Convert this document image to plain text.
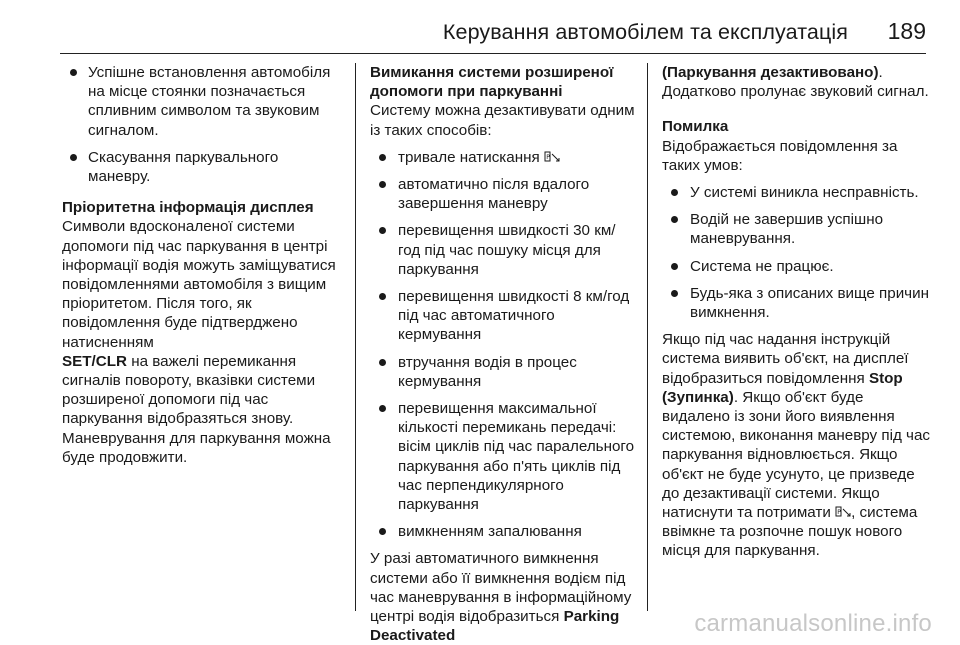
Керування автомобілем та експлуатація 189
Успішне встановлення автомобіля на місце стоянки позначається спливним символом та звуковим сигналом.
Скасування паркувального маневру.
Пріоритетна інформація дисплея

Символи вдосконаленої системи допомоги під час паркування в центрі інформації водія можуть заміщуватися повідомленнями автомобіля з вищим пріоритетом. Після того, як повідомлення буде підтверджено натисненням
SET/CLR на важелі перемикання сигналів повороту, вказівки системи розширеної допомоги під час паркування відобразяться знову. Маневрування для паркування можна буде продовжити.

Вимикання системи розширеної допомоги при паркуванні

Систему можна дезактивувати одним із таких способів:

тривале натискання P
автоматично після вдалого завершення маневру
перевищення швидкості 30 км/год під час пошуку місця для паркування
перевищення швидкості 8 км/год під час автоматичного кермування
втручання водія в процес кермування
перевищення максимальної кількості перемикань передачі: вісім циклів під час паралельного паркування або п'ять циклів під час перпендикулярного паркування
вимкненням запалювання

У разі автоматичного вимкнення системи або її вимкнення водієм під час маневрування в інформаційному центрі водія відобразиться Parking Deactivated

(Паркування дезактивовано).
Додатково пролунає звуковий сигнал.

Помилка

Відображається повідомлення за таких умов:

У системі виникла несправність.
Водій не завершив успішно маневрування.
Система не працює.
Будь-яка з описаних вище причин вимкнення.

Якщо під час надання інструкцій система виявить об'єкт, на дисплеї відобразиться повідомлення Stop (Зупинка). Якщо об'єкт буде видалено із зони його виявлення системою, виконання маневру під час паркування відновлюється. Якщо об'єкт не буде усунуто, це призведе до дезактивації системи. Якщо натиснути та потримати P , система ввімкне та розпочне пошук нового місця для паркування.

carmanualsonline.info
